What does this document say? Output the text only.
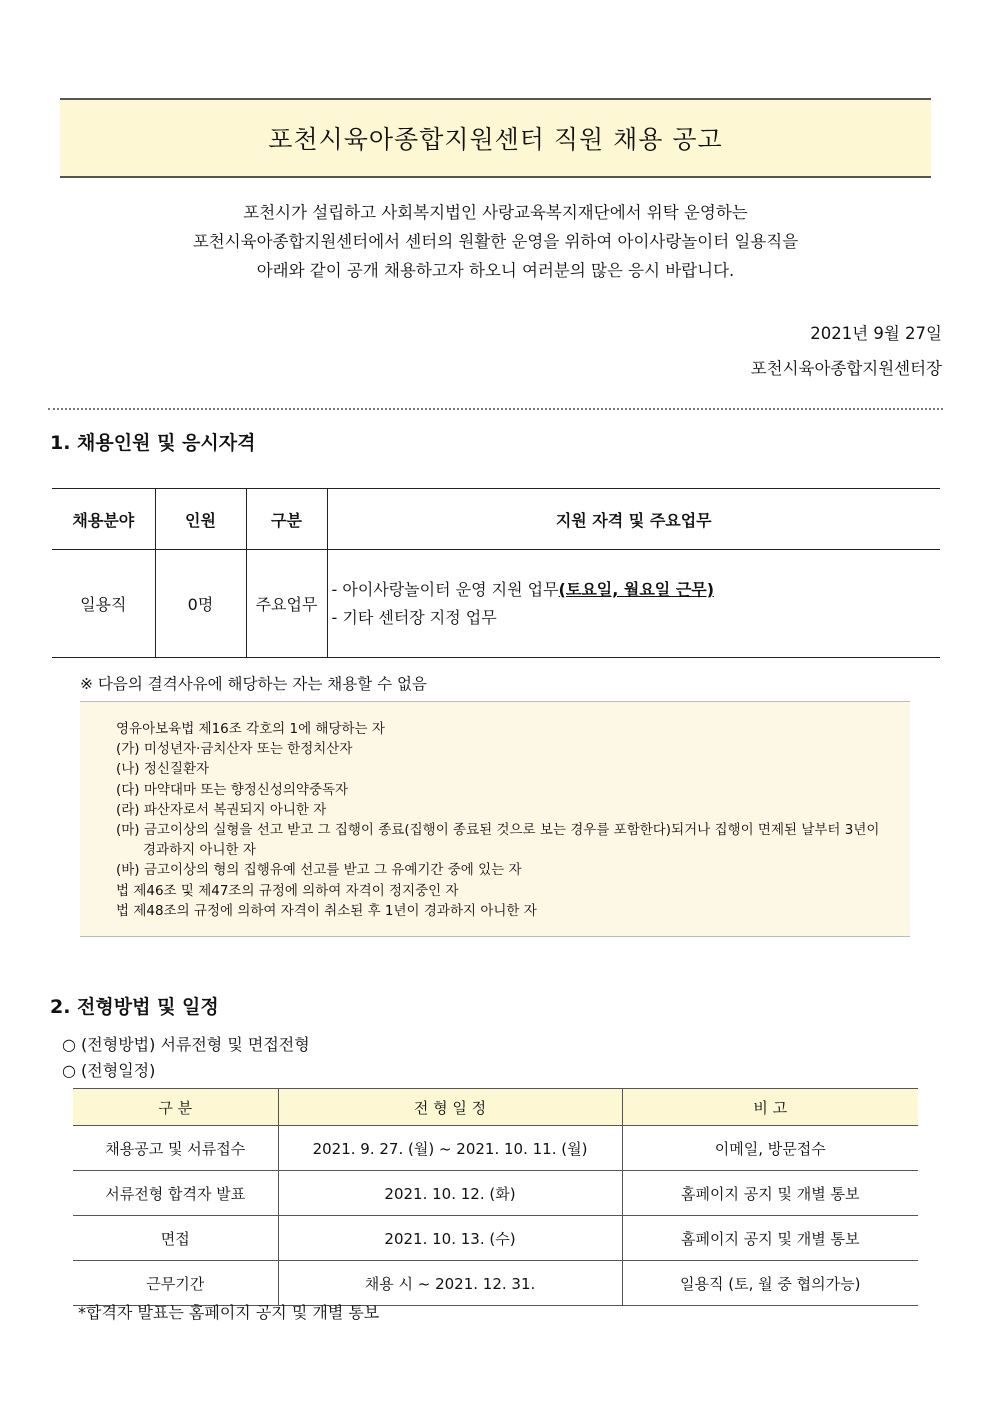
포천시육아종합지원센터 직원 채용 공고
포천시가 설립하고 사회복지법인 사랑교육복지재단에서 위탁 운영하는
포천시육아종합지원센터에서 센터의 원활한 운영을 위하여 아이사랑놀이터 일용직을
아래와 같이 공개 채용하고자 하오니 여러분의 많은 응시 바랍니다.
2021년 9월 27일
포천시육아종합지원센터장
1. 채용인원 및 응시자격
채용분야	인원	구분	지원 자격 및 주요업무
일용직	0명	주요업무	- 아이사랑놀이터 운영 지원 업무(토요일, 월요일 근무)
- 기타 센터장 지정 업무
※ 다음의 결격사유에 해당하는 자는 채용할 수 없음
영유아보육법 제16조 각호의 1에 해당하는 자
(가) 미성년자·금치산자 또는 한정치산자
(나) 정신질환자
(다) 마약대마 또는 향정신성의약중독자
(라) 파산자로서 복권되지 아니한 자
(마) 금고이상의 실형을 선고 받고 그 집행이 종료(집행이 종료된 것으로 보는 경우를 포함한다)되거나 집행이 면제된 날부터 3년이
경과하지 아니한 자
(바) 금고이상의 형의 집행유예 선고를 받고 그 유예기간 중에 있는 자
법 제46조 및 제47조의 규정에 의하여 자격이 정지중인 자
법 제48조의 규정에 의하여 자격이 취소된 후 1년이 경과하지 아니한 자
2. 전형방법 및 일정
○ (전형방법) 서류전형 및 면접전형
○ (전형일정)
구 분	전 형 일 정	비 고
채용공고 및 서류접수	2021. 9. 27. (월) ~ 2021. 10. 11. (월)	이메일, 방문접수
서류전형 합격자 발표	2021. 10. 12. (화)	홈페이지 공지 및 개별 통보
면접	2021. 10. 13. (수)	홈페이지 공지 및 개별 통보
근무기간	채용 시 ~ 2021. 12. 31.	일용직 (토, 월 중 협의가능)
*합격자 발표는 홈페이지 공지 및 개별 통보
